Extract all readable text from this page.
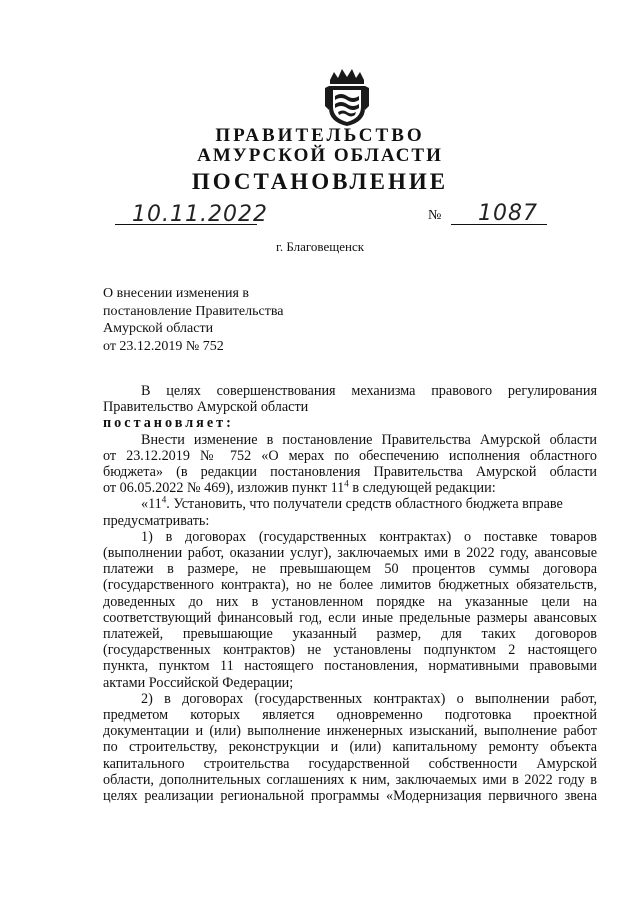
ПРАВИТЕЛЬСТВО
АМУРСКОЙ ОБЛАСТИ
ПОСТАНОВЛЕНИЕ
10.11.2022	№ 1087
г. Благовещенск
О внесении изменения в
постановление Правительства
Амурской области
от 23.12.2019 № 752
В целях совершенствования механизма правового регулирования
Правительство Амурской области
постановляет:
Внести изменение в постановление Правительства Амурской области
от 23.12.2019 № 752 «О мерах по обеспечению исполнения областного
бюджета» (в редакции постановления Правительства Амурской области
от 06.05.2022 № 469), изложив пункт $11^4$ в следующей редакции:
«$11^4$. Установить, что получатели средств областного бюджета вправе
предусматривать:
1) в договорах (государственных контрактах) о поставке товаров
(выполнении работ, оказании услуг), заключаемых ими в 2022 году, авансовые
платежи в размере, не превышающем 50 процентов суммы договора
(государственного контракта), но не более лимитов бюджетных обязательств,
доведенных до них в установленном порядке на указанные цели на
соответствующий финансовый год, если иные предельные размеры авансовых
платежей, превышающие указанный размер, для таких договоров
(государственных контрактов) не установлены подпунктом 2 настоящего
пункта, пунктом 11 настоящего постановления, нормативными правовыми
актами Российской Федерации;
2) в договорах (государственных контрактах) о выполнении работ,
предметом которых является одновременно подготовка проектной
документации и (или) выполнение инженерных изысканий, выполнение работ
по строительству, реконструкции и (или) капитальному ремонту объекта
капитального строительства государственной собственности Амурской
области, дополнительных соглашениях к ним, заключаемых ими в 2022 году в
целях реализации региональной программы «Модернизация первичного звена
